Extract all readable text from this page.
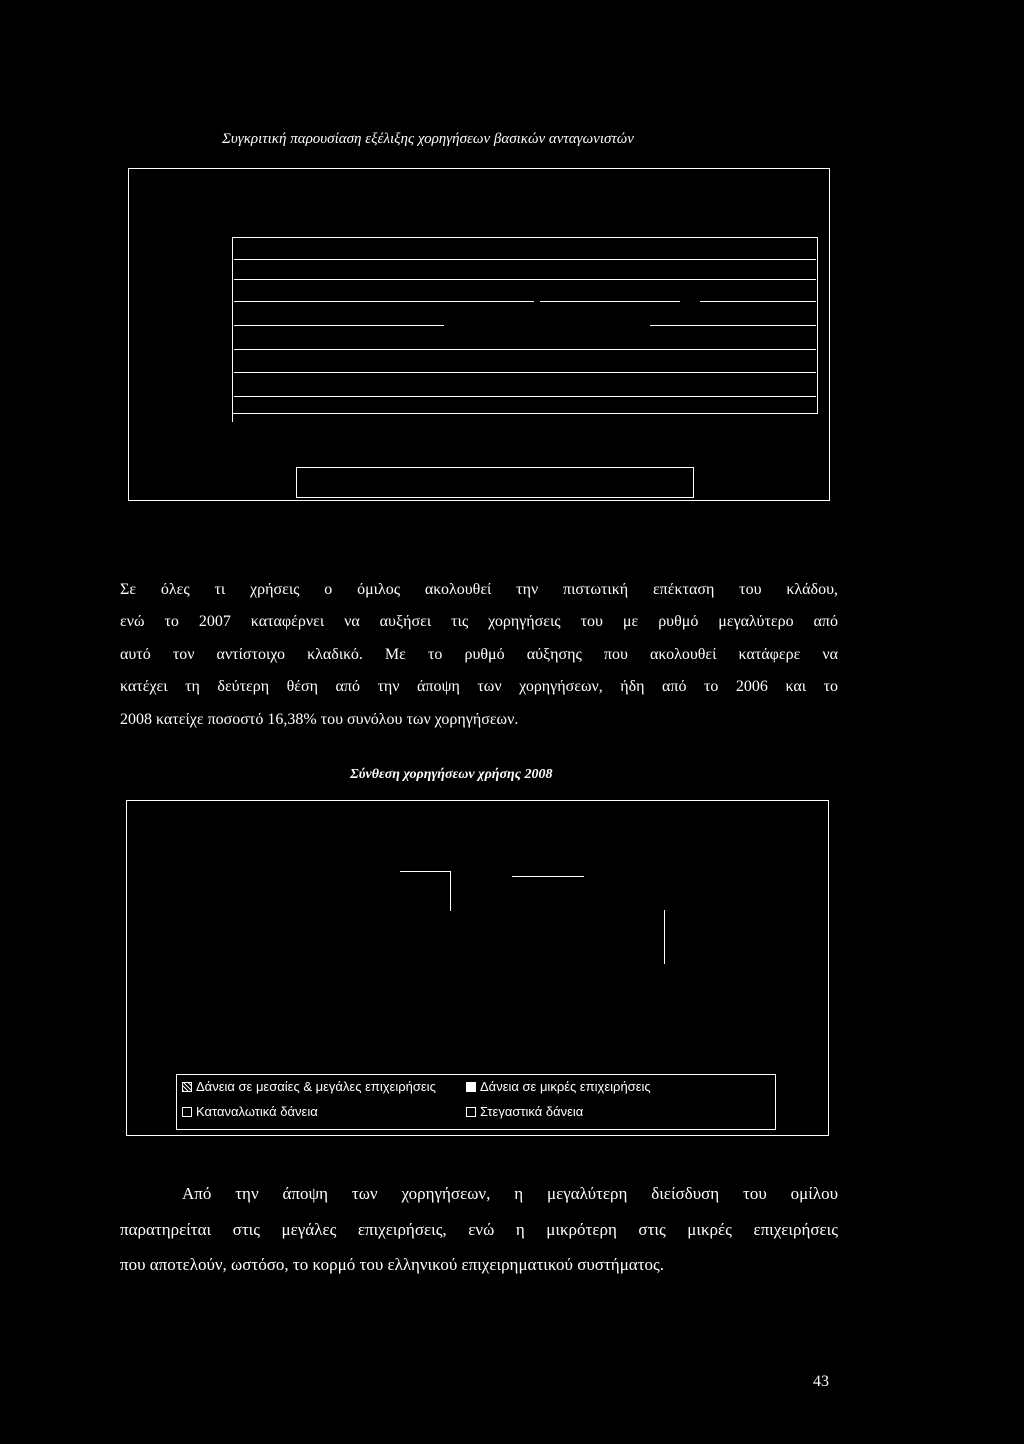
Συγκριτική παρουσίαση εξέλιξης χορηγήσεων βασικών ανταγωνιστών
Σε όλες τι χρήσεις ο όμιλος ακολουθεί την πιστωτική επέκταση του κλάδου,
ενώ το 2007 καταφέρνει να αυξήσει τις χορηγήσεις του με ρυθμό μεγαλύτερο από
αυτό τον αντίστοιχο κλαδικό. Με το ρυθμό αύξησης που ακολουθεί κατάφερε να
κατέχει τη δεύτερη θέση από την άποψη των χορηγήσεων, ήδη από το 2006 και το
2008 κατείχε ποσοστό 16,38% του συνόλου των χορηγήσεων.
Σύνθεση χορηγήσεων χρήσης 2008
Δάνεια σε μεσαίες & μεγάλες επιχειρήσεις	Δάνεια σε μικρές επιχειρήσεις
Καταναλωτικά δάνεια	Στεγαστικά δάνεια
Από την άποψη των χορηγήσεων, η μεγαλύτερη διείσδυση του ομίλου
παρατηρείται στις μεγάλες επιχειρήσεις, ενώ η μικρότερη στις μικρές επιχειρήσεις
που αποτελούν, ωστόσο, το κορμό του ελληνικού επιχειρηματικού συστήματος.
43
